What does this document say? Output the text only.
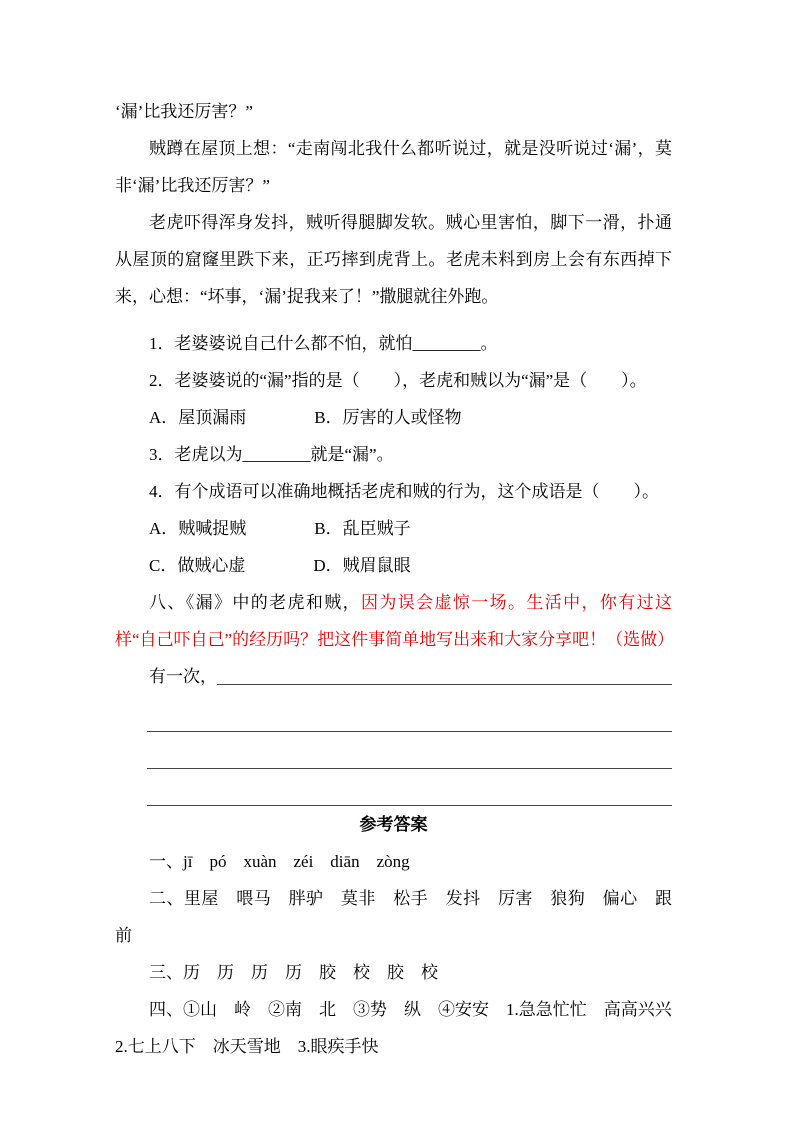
‘漏’比我还厉害？”

贼蹲在屋顶上想：“走南闯北我什么都听说过，就是没听说过‘漏’，莫非‘漏’比我还厉害？”

老虎吓得浑身发抖，贼听得腿脚发软。贼心里害怕，脚下一滑，扑通从屋顶的窟窿里跌下来，正巧摔到虎背上。老虎未料到房上会有东西掉下来，心想：“坏事，‘漏’捉我来了！”撒腿就往外跑。

1．老婆婆说自己什么都不怕，就怕________。

2．老婆婆说的“漏”指的是（　　），老虎和贼以为“漏”是（　　）。

A．屋顶漏雨　　　　B．厉害的人或怪物

3．老虎以为________就是“漏”。

4．有个成语可以准确地概括老虎和贼的行为，这个成语是（　　）。

A．贼喊捉贼　　　　B．乱臣贼子

C．做贼心虚　　　　D．贼眉鼠眼

八、《漏》中的老虎和贼，因为误会虚惊一场。生活中，你有过这样“自己吓自己”的经历吗？把这件事简单地写出来和大家分享吧！（选做）

有一次，

参考答案

一、jī　pó　xuàn　zéi　diān　zòng

二、里屋　喂马　胖驴　莫非　松手　发抖　厉害　狼狗　偏心　跟前

三、历　历　历　历　胶　校　胶　校

四、①山　岭　②南　北　③势　纵　④安安　1.急急忙忙　高高兴兴

2.七上八下　冰天雪地　3.眼疾手快
